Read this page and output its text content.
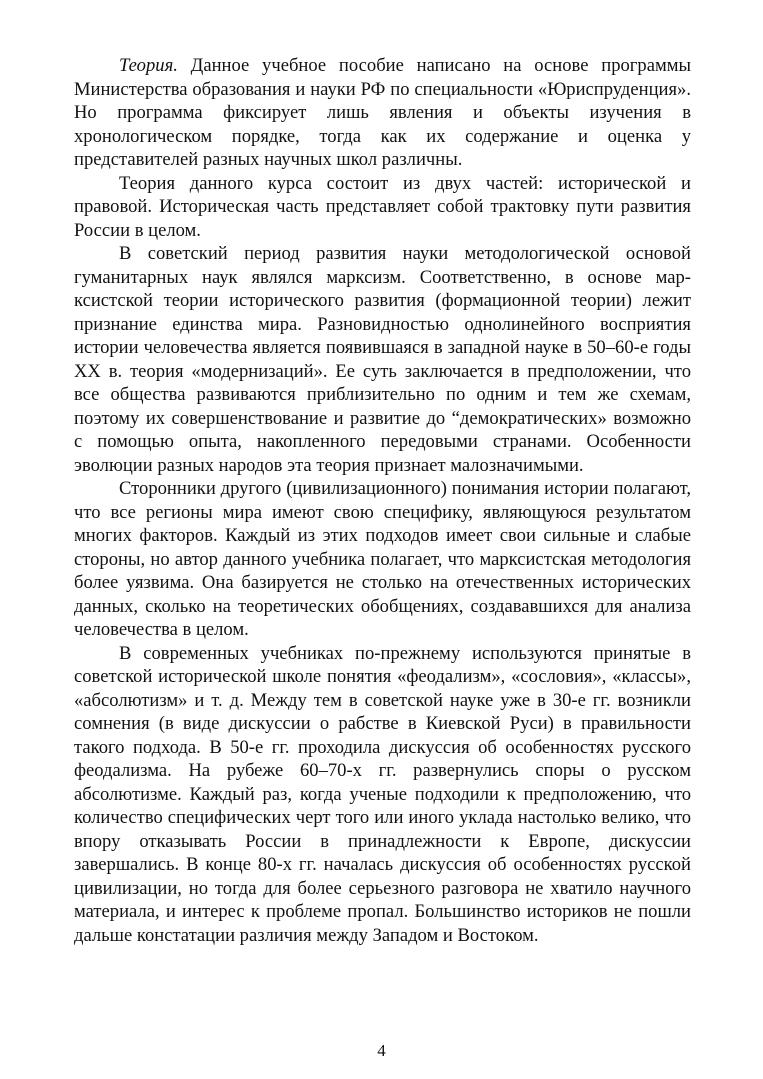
Теория. Данное учебное пособие написано на основе программы Министерства образования и науки РФ по специальности «Юриспруденция». Но программа фиксирует лишь явления и объекты изучения в хронологическом порядке, тогда как их содержание и оценка у представителей разных научных школ различны.

Теория данного курса состоит из двух частей: исторической и правовой. Историческая часть представляет собой трактовку пути развития России в целом.

В советский период развития науки методологической основой гуманитарных наук являлся марксизм. Соответственно, в основе марксистской теории исторического развития (формационной теории) лежит признание единства мира. Разновидностью однолинейного восприятия истории человечества является появившаяся в западной науке в 50–60-е годы XX в. теория «модернизаций». Ее суть заключается в предположении, что все общества развиваются приблизительно по одним и тем же схемам, поэтому их совершенствование и развитие до “демократических» возможно с помощью опыта, накопленного передовыми странами. Особенности эволюции разных народов эта теория признает малозначимыми.

Сторонники другого (цивилизационного) понимания истории полагают, что все регионы мира имеют свою специфику, являющуюся результатом многих факторов. Каждый из этих подходов имеет свои сильные и слабые стороны, но автор данного учебника полагает, что марксистская методология более уязвима. Она базируется не столько на отечественных исторических данных, сколько на теоретических обобщениях, создававшихся для анализа человечества в целом.

В современных учебниках по-прежнему используются принятые в советской исторической школе понятия «феодализм», «сословия», «классы», «абсолютизм» и т. д. Между тем в советской науке уже в 30-е гг. возникли сомнения (в виде дискуссии о рабстве в Киевской Руси) в правильности такого подхода. В 50-е гг. проходила дискуссия об особенностях русского феодализма. На рубеже 60–70-х гг. развернулись споры о русском абсолютизме. Каждый раз, когда ученые подходили к предположению, что количество специфических черт того или иного уклада настолько велико, что впору отказывать России в принадлежности к Европе, дискуссии завершались. В конце 80-х гг. началась дискуссия об особенностях русской цивилизации, но тогда для более серьезного разговора не хватило научного материала, и интерес к проблеме пропал. Большинство историков не пошли дальше констатации различия между Западом и Востоком.

4
